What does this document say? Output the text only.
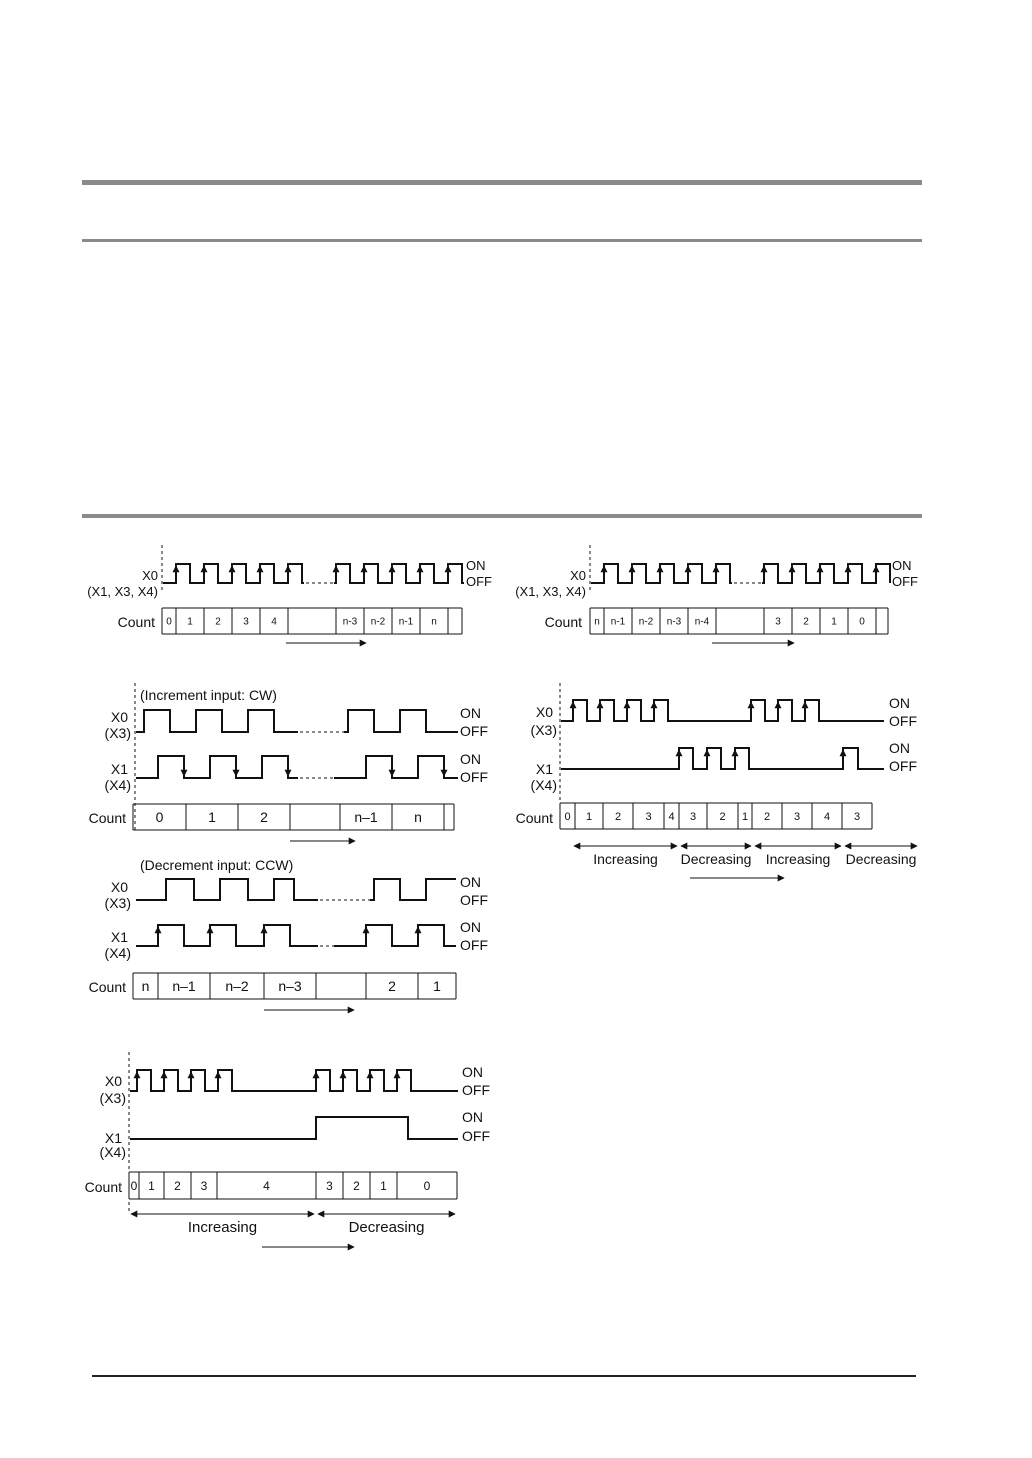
X0
(X1, X3, X4)
ON
OFF
Count 0 1 2 3 4	n-3 n-2 n-1 n
X0
(X1, X3, X4)
ON
OFF
Count n n-1 n-2 n-3 n-4	3 2 1 0
(Increment input: CW)
X0
(X3)
ON
OFF
X1
(X4)
ON
OFF
Count 0	1	2	n–1	n
(Decrement input: CCW)
X0
(X3)
ON
OFF
X1
(X4)
ON
OFF
Count n n–1 n–2 n–3	2	1
X0
(X3)
ON
OFF
X1
(X4)
ON
OFF
Count 0 1 2 3	4	3 2 1	0
Increasing	Decreasing
X0
(X3)
ON
OFF
X1
(X4)
ON
OFF
Count 0 1 2 3 4 3 2 1 2 3 4 3
Increasing Decreasing Increasing Decreasing
